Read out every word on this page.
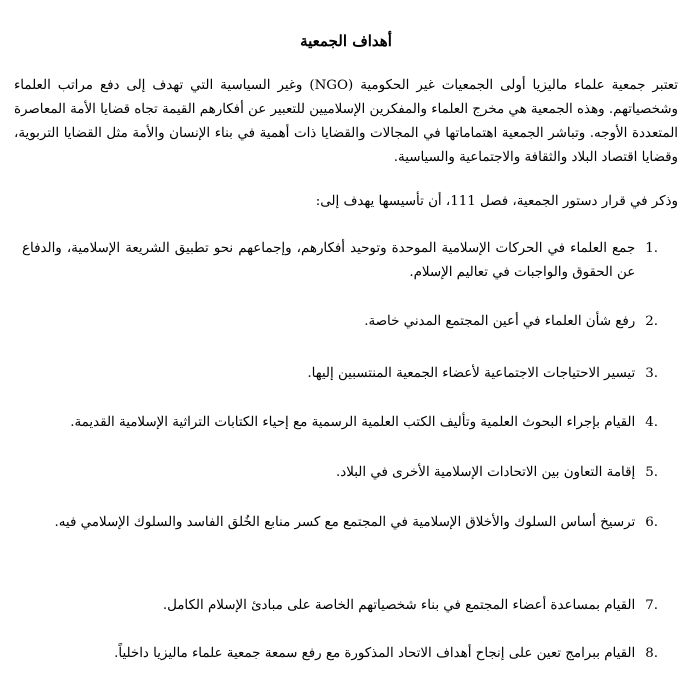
أهداف الجمعية

تعتبر جمعية علماء ماليزيا أولى الجمعيات غير الحكومية (NGO) وغير السياسية التي تهدف إلى دفع مراتب العلماء وشخصياتهم. وهذه الجمعية هي مخرج العلماء والمفكرين الإسلاميين للتعبير عن أفكارهم القيمة تجاه قضايا الأمة المعاصرة المتعددة الأوجه. وتباشر الجمعية اهتماماتها في المجالات والقضايا ذات أهمية في بناء الإنسان والأمة مثل القضايا التربوية، وقضايا اقتصاد البلاد والثقافة والاجتماعية والسياسية.

وذكر في قرار دستور الجمعية، فصل 111، أن تأسيسها يهدف إلى:

.1
جمع العلماء في الحركات الإسلامية الموحدة وتوحيد أفكارهم، وإجماعهم نحو تطبيق الشريعة الإسلامية، والدفاع عن الحقوق والواجبات في تعاليم الإسلام.
.2
رفع شأن العلماء في أعين المجتمع المدني خاصة.
.3
تيسير الاحتياجات الاجتماعية لأعضاء الجمعية المنتسبين إليها.
.4
القيام بإجراء البحوث العلمية وتأليف الكتب العلمية الرسمية مع إحياء الكتابات التراثية الإسلامية القديمة.
.5
إقامة التعاون بين الاتحادات الإسلامية الأخرى في البلاد.
.6
ترسيخ أساس السلوك والأخلاق الإسلامية في المجتمع مع كسر منابع الخُلق الفاسد والسلوك الإسلامي فيه.
.7
القيام بمساعدة أعضاء المجتمع في بناء شخصياتهم الخاصة على مبادئ الإسلام الكامل.
.8
القيام ببرامج تعين على إنجاح أهداف الاتحاد المذكورة مع رفع سمعة جمعية علماء ماليزيا داخلياً.
